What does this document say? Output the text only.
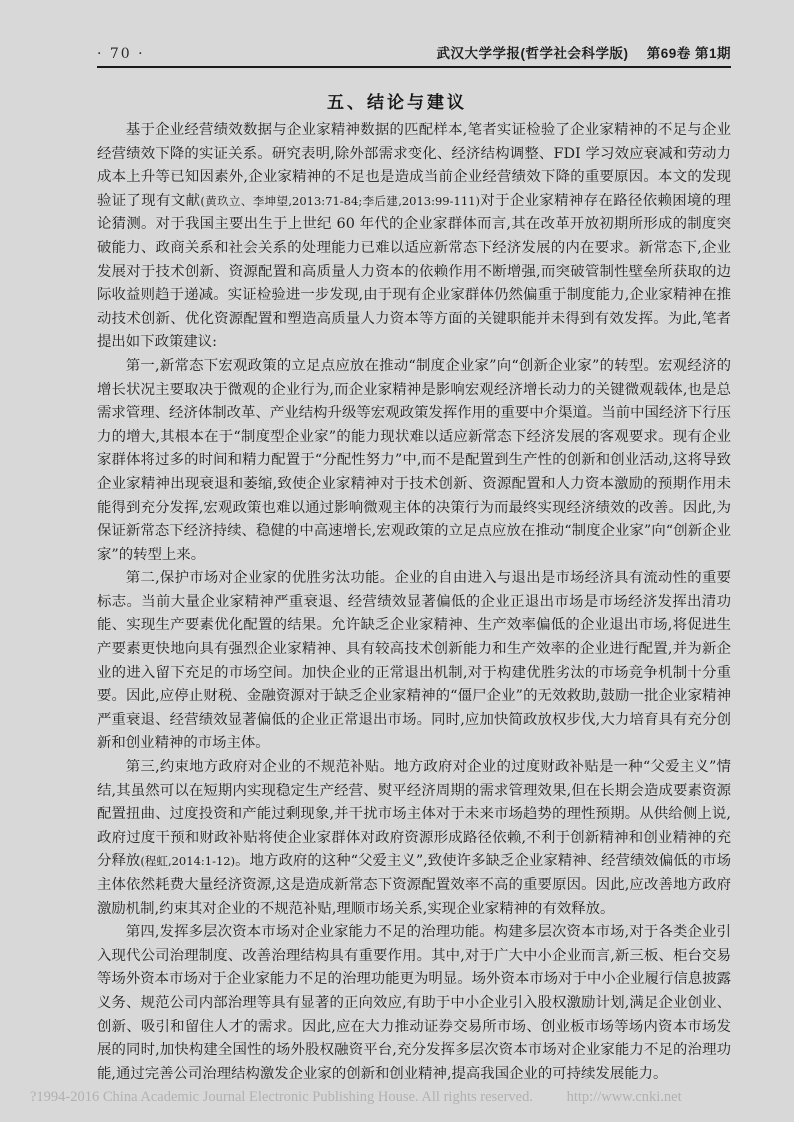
· 70 ·	武汉大学学报(哲学社会科学版) 第69卷 第1期
五、结论与建议

基于企业经营绩效数据与企业家精神数据的匹配样本,笔者实证检验了企业家精神的不足与企业经营绩效下降的实证关系。研究表明,除外部需求变化、经济结构调整、FDI 学习效应衰减和劳动力成本上升等已知因素外,企业家精神的不足也是造成当前企业经营绩效下降的重要原因。本文的发现验证了现有文献(黄玖立、李坤望,2013:71-84;李后建,2013:99-111)对于企业家精神存在路径依赖困境的理论猜测。对于我国主要出生于上世纪 60 年代的企业家群体而言,其在改革开放初期所形成的制度突破能力、政商关系和社会关系的处理能力已难以适应新常态下经济发展的内在要求。新常态下,企业发展对于技术创新、资源配置和高质量人力资本的依赖作用不断增强,而突破管制性壁垒所获取的边际收益则趋于递减。实证检验进一步发现,由于现有企业家群体仍然偏重于制度能力,企业家精神在推动技术创新、优化资源配置和塑造高质量人力资本等方面的关键职能并未得到有效发挥。为此,笔者提出如下政策建议:

第一,新常态下宏观政策的立足点应放在推动“制度企业家”向“创新企业家”的转型。宏观经济的增长状况主要取决于微观的企业行为,而企业家精神是影响宏观经济增长动力的关键微观载体,也是总需求管理、经济体制改革、产业结构升级等宏观政策发挥作用的重要中介渠道。当前中国经济下行压力的增大,其根本在于“制度型企业家”的能力现状难以适应新常态下经济发展的客观要求。现有企业家群体将过多的时间和精力配置于“分配性努力”中,而不是配置到生产性的创新和创业活动,这将导致企业家精神出现衰退和萎缩,致使企业家精神对于技术创新、资源配置和人力资本激励的预期作用未能得到充分发挥,宏观政策也难以通过影响微观主体的决策行为而最终实现经济绩效的改善。因此,为保证新常态下经济持续、稳健的中高速增长,宏观政策的立足点应放在推动“制度企业家”向“创新企业家”的转型上来。

第二,保护市场对企业家的优胜劣汰功能。企业的自由进入与退出是市场经济具有流动性的重要标志。当前大量企业家精神严重衰退、经营绩效显著偏低的企业正退出市场是市场经济发挥出清功能、实现生产要素优化配置的结果。允许缺乏企业家精神、生产效率偏低的企业退出市场,将促进生产要素更快地向具有强烈企业家精神、具有较高技术创新能力和生产效率的企业进行配置,并为新企业的进入留下充足的市场空间。加快企业的正常退出机制,对于构建优胜劣汰的市场竞争机制十分重要。因此,应停止财税、金融资源对于缺乏企业家精神的“僵尸企业”的无效救助,鼓励一批企业家精神严重衰退、经营绩效显著偏低的企业正常退出市场。同时,应加快简政放权步伐,大力培育具有充分创新和创业精神的市场主体。

第三,约束地方政府对企业的不规范补贴。地方政府对企业的过度财政补贴是一种“父爱主义”情结,其虽然可以在短期内实现稳定生产经营、熨平经济周期的需求管理效果,但在长期会造成要素资源配置扭曲、过度投资和产能过剩现象,并干扰市场主体对于未来市场趋势的理性预期。从供给侧上说,政府过度干预和财政补贴将使企业家群体对政府资源形成路径依赖,不利于创新精神和创业精神的充分释放(程虹,2014:1-12)。地方政府的这种“父爱主义”,致使许多缺乏企业家精神、经营绩效偏低的市场主体依然耗费大量经济资源,这是造成新常态下资源配置效率不高的重要原因。因此,应改善地方政府激励机制,约束其对企业的不规范补贴,理顺市场关系,实现企业家精神的有效释放。

第四,发挥多层次资本市场对企业家能力不足的治理功能。构建多层次资本市场,对于各类企业引入现代公司治理制度、改善治理结构具有重要作用。其中,对于广大中小企业而言,新三板、柜台交易等场外资本市场对于企业家能力不足的治理功能更为明显。场外资本市场对于中小企业履行信息披露义务、规范公司内部治理等具有显著的正向效应,有助于中小企业引入股权激励计划,满足企业创业、创新、吸引和留住人才的需求。因此,应在大力推动证券交易所市场、创业板市场等场内资本市场发展的同时,加快构建全国性的场外股权融资平台,充分发挥多层次资本市场对企业家能力不足的治理功能,通过完善公司治理结构激发企业家的创新和创业精神,提高我国企业的可持续发展能力。

?1994-2016 China Academic Journal Electronic Publishing House. All rights reserved. http://www.cnki.net
